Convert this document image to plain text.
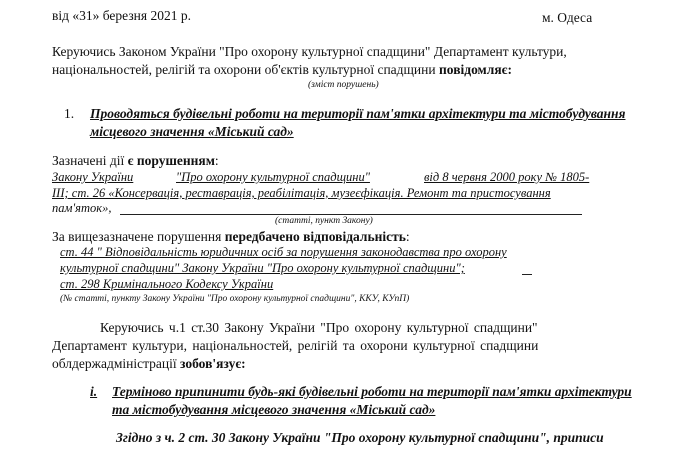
від «31» березня 2021 р.	м. Одеса
Керуючись Законом України "Про охорону культурної спадщини" Департамент культури,
національностей, релігій та охорони об'єктів культурної спадщини повідомляє:
(зміст порушень)
1. Проводяться будівельні роботи на території пам'ятки архітектури та містобудування
місцевого значення «Міський сад»
Зазначені дії є порушенням:
Закону України	"Про охорону культурної спадщини"	від 8 червня 2000 року № 1805-
ІІІ; ст. 26 «Консервація, реставрація, реабілітація, музеєфікація. Ремонт та пристосування
пам'яток»,
(статті, пункт Закону)
За вищезазначене порушення передбачено відповідальність:
ст. 44 " Відповідальність юридичних осіб за порушення законодавства про охорону
культурної спадщини" Закону України "Про охорону культурної спадщини";
ст. 298 Кримінального Кодексу України
(№ статті, пункту Закону України "Про охорону культурної спадщини", ККУ, КУпП)
Керуючись ч.1 ст.30 Закону України "Про охорону культурної спадщини"
Департамент культури, національностей, релігій та охорони культурної спадщини
облдержадміністрації зобов'язує:
і. Терміново припинити будь-які будівельні роботи на території пам'ятки архітектури
та містобудування місцевого значення «Міський сад»
Згідно з ч. 2 ст. 30 Закону України "Про охорону культурної спадщини", приписи
